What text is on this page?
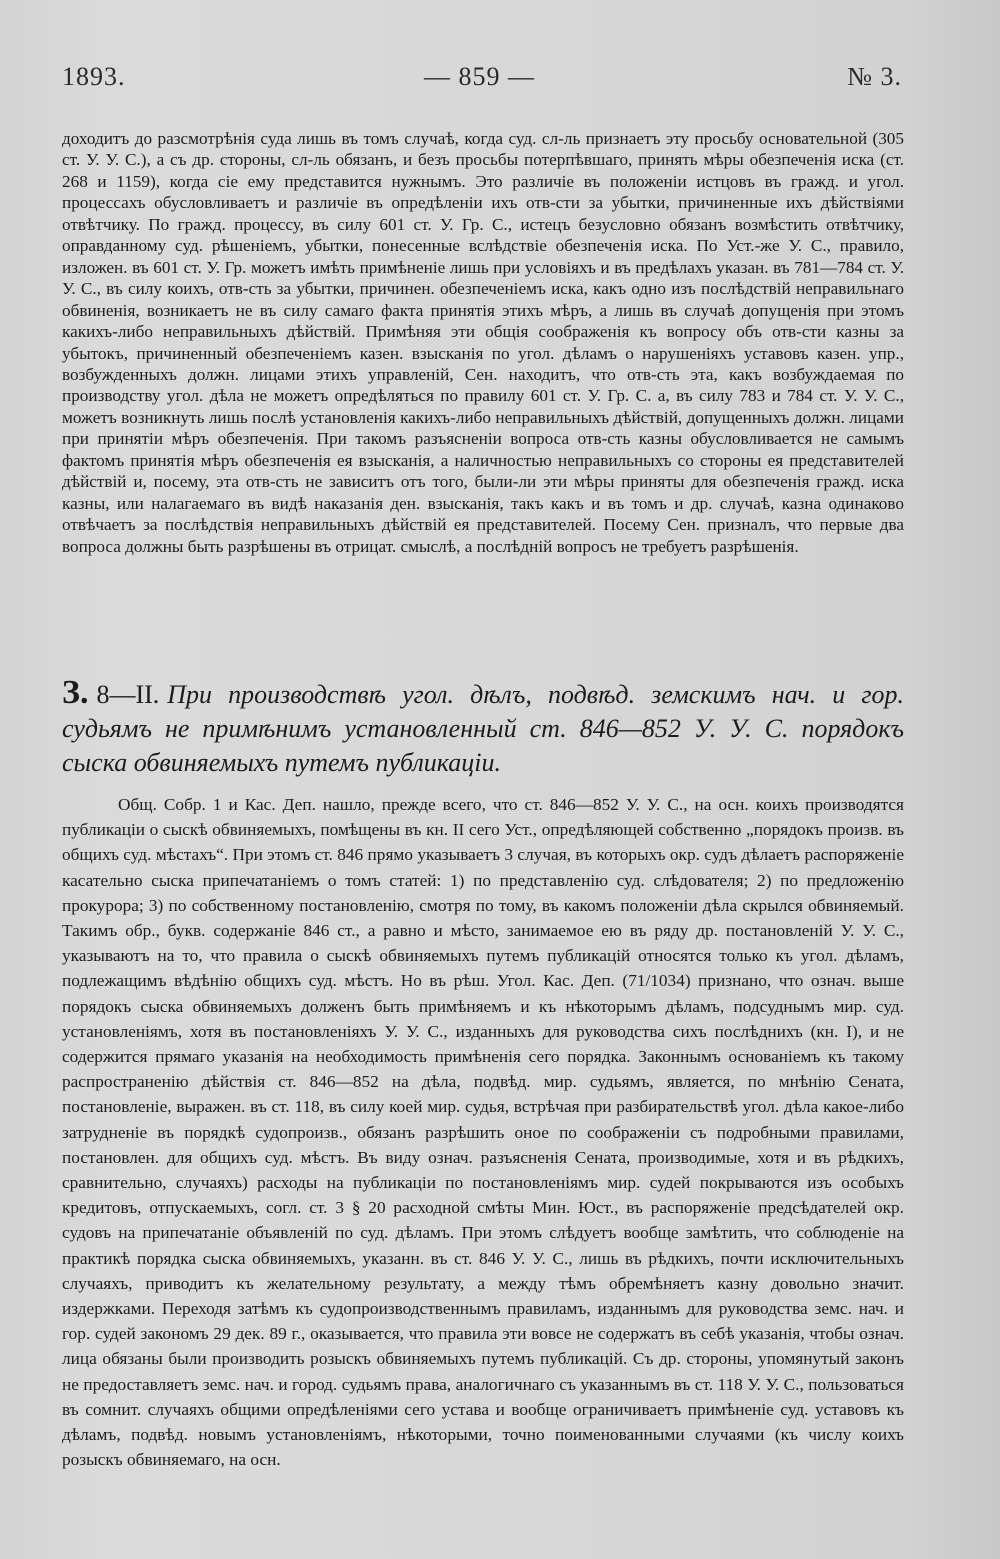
1893.	— 859 —	№ 3.

доходитъ до разсмотрѣнія суда лишь въ томъ случаѣ, когда суд. сл-ль признаетъ эту просьбу основательной (305 ст. У. У. С.), а съ др. стороны, сл-ль обязанъ, и безъ просьбы потерпѣвшаго, принять мѣры обезпеченія иска (ст. 268 и 1159), когда сіе ему представится нужнымъ. Это различіе въ положеніи истцовъ въ гражд. и угол. процессахъ обусловливаетъ и различіе въ опредѣленіи ихъ отв-сти за убытки, причиненные ихъ дѣйствіями отвѣтчику. По гражд. процессу, въ силу 601 ст. У. Гр. С., истецъ безусловно обязанъ возмѣстить отвѣтчику, оправданному суд. рѣшеніемъ, убытки, понесенные вслѣдствіе обезпеченія иска. По Уст.-же У. С., правило, изложен. въ 601 ст. У. Гр. можетъ имѣть примѣненіе лишь при условіяхъ и въ предѣлахъ указан. въ 781—784 ст. У. У. С., въ силу коихъ, отв-сть за убытки, причинен. обезпеченіемъ иска, какъ одно изъ послѣдствій неправильнаго обвиненія, возникаетъ не въ силу самаго факта принятія этихъ мѣръ, а лишь въ случаѣ допущенія при этомъ какихъ-либо неправильныхъ дѣйствій. Примѣняя эти общія соображенія къ вопросу объ отв-сти казны за убытокъ, причиненный обезпеченіемъ казен. взысканія по угол. дѣламъ о нарушеніяхъ уставовъ казен. упр., возбужденныхъ должн. лицами этихъ управленій, Сен. находитъ, что отв-сть эта, какъ возбуждаемая по производству угол. дѣла не можетъ опредѣляться по правилу 601 ст. У. Гр. С. а, въ силу 783 и 784 ст. У. У. С., можетъ возникнуть лишь послѣ установленія какихъ-либо неправильныхъ дѣйствій, допущенныхъ должн. лицами при принятіи мѣръ обезпеченія. При такомъ разъясненіи вопроса отв-сть казны обусловливается не самымъ фактомъ принятія мѣръ обезпеченія ея взысканія, а наличностью неправильныхъ со стороны ея представителей дѣйствій и, посему, эта отв-сть не зависитъ отъ того, были-ли эти мѣры приняты для обезпеченія гражд. иска казны, или налагаемаго въ видѣ наказанія ден. взысканія, такъ какъ и въ томъ и др. случаѣ, казна одинаково отвѣчаетъ за послѣдствія неправильныхъ дѣйствій ея представителей. Посему Сен. призналъ, что первые два вопроса должны быть разрѣшены въ отрицат. смыслѣ, а послѣдній вопросъ не требуетъ разрѣшенія.

З. 8—II. При производствѣ угол. дѣлъ, подвѣд. земскимъ нач. и гор. судьямъ не примѣнимъ установленный ст. 846—852 У. У. С. порядокъ сыска обвиняемыхъ путемъ публикаціи.

Общ. Собр. 1 и Кас. Деп. нашло, прежде всего, что ст. 846—852 У. У. С., на осн. коихъ производятся публикаціи о сыскѣ обвиняемыхъ, помѣщены въ кн. II сего Уст., опредѣляющей собственно „порядокъ произв. въ общихъ суд. мѣстахъ“. При этомъ ст. 846 прямо указываетъ 3 случая, въ которыхъ окр. судъ дѣлаетъ распоряженіе касательно сыска припечатаніемъ о томъ статей: 1) по представленію суд. слѣдователя; 2) по предложенію прокурора; 3) по собственному постановленію, смотря по тому, въ какомъ положеніи дѣла скрылся обвиняемый. Такимъ обр., букв. содержаніе 846 ст., а равно и мѣсто, занимаемое ею въ ряду др. постановленій У. У. С., указываютъ на то, что правила о сыскѣ обвиняемыхъ путемъ публикацій относятся только къ угол. дѣламъ, подлежащимъ вѣдѣнію общихъ суд. мѣстъ. Но въ рѣш. Угол. Кас. Деп. (71/1034) признано, что означ. выше порядокъ сыска обвиняемыхъ долженъ быть примѣняемъ и къ нѣкоторымъ дѣламъ, подсуднымъ мир. суд. установленіямъ, хотя въ постановленіяхъ У. У. С., изданныхъ для руководства сихъ послѣднихъ (кн. I), и не содержится прямаго указанія на необходимость примѣненія сего порядка. Законнымъ основаніемъ къ такому распространенію дѣйствія ст. 846—852 на дѣла, подвѣд. мир. судьямъ, является, по мнѣнію Сената, постановленіе, выражен. въ ст. 118, въ силу коей мир. судья, встрѣчая при разбирательствѣ угол. дѣла какое-либо затрудненіе въ порядкѣ судопроизв., обязанъ разрѣшить оное по соображеніи съ подробными правилами, постановлен. для общихъ суд. мѣстъ. Въ виду означ. разъясненія Сената, производимые, хотя и въ рѣдкихъ, сравнительно, случаяхъ) расходы на публикаціи по постановленіямъ мир. судей покрываются изъ особыхъ кредитовъ, отпускаемыхъ, согл. ст. 3 § 20 расходной смѣты Мин. Юст., въ распоряженіе предсѣдателей окр. судовъ на припечатаніе объявленій по суд. дѣламъ. При этомъ слѣдуетъ вообще замѣтить, что соблюденіе на практикѣ порядка сыска обвиняемыхъ, указанн. въ ст. 846 У. У. С., лишь въ рѣдкихъ, почти исключительныхъ случаяхъ, приводитъ къ желательному результату, а между тѣмъ обремѣняетъ казну довольно значит. издержками. Переходя затѣмъ къ судопроизводственнымъ правиламъ, изданнымъ для руководства земс. нач. и гор. судей закономъ 29 дек. 89 г., оказывается, что правила эти вовсе не содержатъ въ себѣ указанія, чтобы означ. лица обязаны были производить розыскъ обвиняемыхъ путемъ публикацій. Съ др. стороны, упомянутый законъ не предоставляетъ земс. нач. и город. судьямъ права, аналогичнаго съ указаннымъ въ ст. 118 У. У. С., пользоваться въ сомнит. случаяхъ общими опредѣленіями сего устава и вообще ограничиваетъ примѣненіе суд. уставовъ къ дѣламъ, подвѣд. новымъ установленіямъ, нѣкоторыми, точно поименованными случаями (къ числу коихъ розыскъ обвиняемаго, на осн.
